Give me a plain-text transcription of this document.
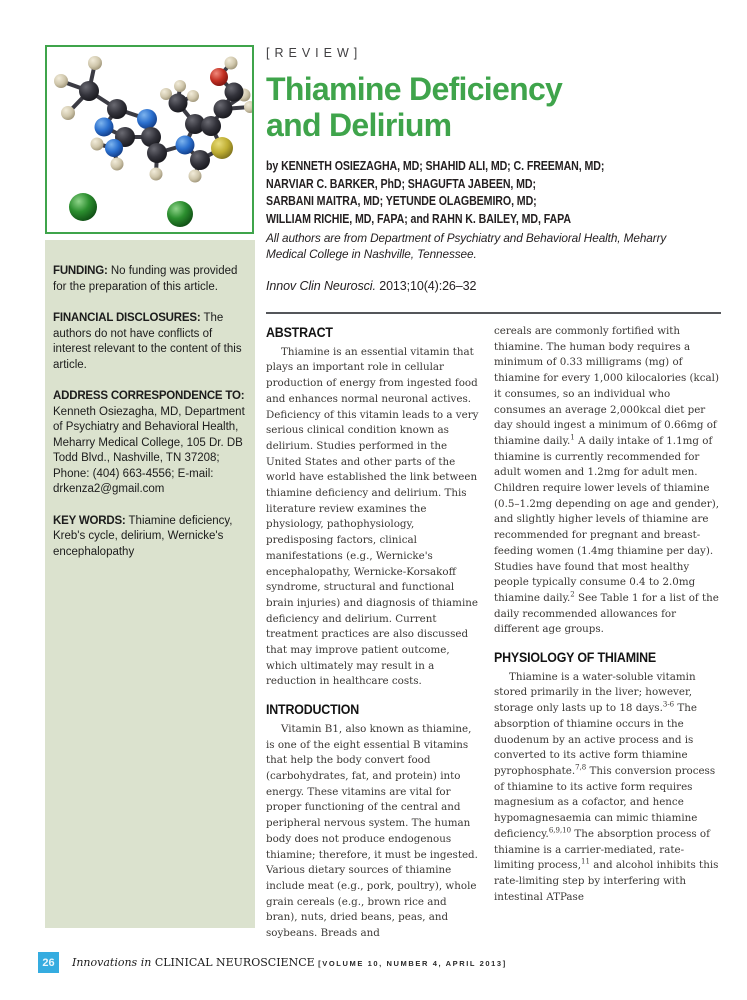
FUNDING: No funding was provided for the preparation of this article.

FINANCIAL DISCLOSURES: The authors do not have conflicts of interest relevant to the content of this article.

ADDRESS CORRESPONDENCE TO: Kenneth Osiezagha, MD, Department of Psychiatry and Behavioral Health, Meharry Medical College, 105 Dr. DB Todd Blvd., Nashville, TN 37208; Phone: (404) 663-4556; E-mail: drkenza2@gmail.com

KEY WORDS: Thiamine deficiency, Kreb's cycle, delirium, Wernicke's encephalopathy

[REVIEW]
Thiamine Deficiency
and Delirium
by KENNETH OSIEZAGHA, MD; SHAHID ALI, MD; C. FREEMAN, MD;
NARVIAR C. BARKER, PhD; SHAGUFTA JABEEN, MD;
SARBANI MAITRA, MD; YETUNDE OLAGBEMIRO, MD;
WILLIAM RICHIE, MD, FAPA; and RAHN K. BAILEY, MD, FAPA
All authors are from Department of Psychiatry and Behavioral Health, Meharry Medical College in Nashville, Tennessee.
Innov Clin Neurosci. 2013;10(4):26–32
ABSTRACT

Thiamine is an essential vitamin that plays an important role in cellular production of energy from ingested food and enhances normal neuronal actives. Deficiency of this vitamin leads to a very serious clinical condition known as delirium. Studies performed in the United States and other parts of the world have established the link between thiamine deficiency and delirium. This literature review examines the physiology, pathophysiology, predisposing factors, clinical manifestations (e.g., Wernicke's encephalopathy, Wernicke-Korsakoff syndrome, structural and functional brain injuries) and diagnosis of thiamine deficiency and delirium. Current treatment practices are also discussed that may improve patient outcome, which ultimately may result in a reduction in healthcare costs.

INTRODUCTION

Vitamin B1, also known as thiamine, is one of the eight essential B vitamins that help the body convert food (carbohydrates, fat, and protein) into energy. These vitamins are vital for proper functioning of the central and peripheral nervous system. The human body does not produce endogenous thiamine; therefore, it must be ingested. Various dietary sources of thiamine include meat (e.g., pork, poultry), whole grain cereals (e.g., brown rice and bran), nuts, dried beans, peas, and soybeans. Breads and

cereals are commonly fortified with thiamine. The human body requires a minimum of 0.33 milligrams (mg) of thiamine for every 1,000 kilocalories (kcal) it consumes, so an individual who consumes an average 2,000kcal diet per day should ingest a minimum of 0.66mg of thiamine daily.$^1$ A daily intake of 1.1mg of thiamine is currently recommended for adult women and 1.2mg for adult men. Children require lower levels of thiamine (0.5–1.2mg depending on age and gender), and slightly higher levels of thiamine are recommended for pregnant and breast-feeding women (1.4mg thiamine per day). Studies have found that most healthy people typically consume 0.4 to 2.0mg thiamine daily.$^2$ See Table 1 for a list of the daily recommended allowances for different age groups.

PHYSIOLOGY OF THIAMINE

Thiamine is a water-soluble vitamin stored primarily in the liver; however, storage only lasts up to 18 days.$^{3-6}$ The absorption of thiamine occurs in the duodenum by an active process and is converted to its active form thiamine pyrophosphate.$^{7,8}$ This conversion process of thiamine to its active form requires magnesium as a cofactor, and hence hypomagnesaemia can mimic thiamine deficiency.$^{6,9,10}$ The absorption process of thiamine is a carrier-mediated, rate-limiting process,$^{11}$ and alcohol inhibits this rate-limiting step by interfering with intestinal ATPase

26	Innovations in CLINICAL NEUROSCIENCE [VOLUME 10, NUMBER 4, APRIL 2013]
